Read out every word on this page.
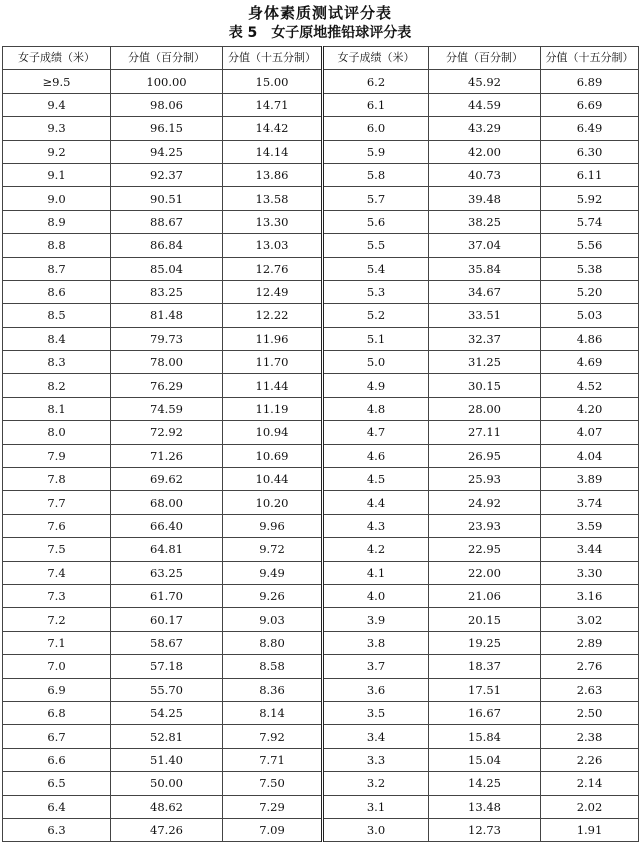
身体素质测试评分表
表 5 女子原地推铅球评分表
女子成绩（米）	分值（百分制）	分值（十五分制）	女子成绩（米）	分值（百分制）	分值（十五分制）
≥9.5	100.00	15.00	6.2	45.92	6.89
9.4	98.06	14.71	6.1	44.59	6.69
9.3	96.15	14.42	6.0	43.29	6.49
9.2	94.25	14.14	5.9	42.00	6.30
9.1	92.37	13.86	5.8	40.73	6.11
9.0	90.51	13.58	5.7	39.48	5.92
8.9	88.67	13.30	5.6	38.25	5.74
8.8	86.84	13.03	5.5	37.04	5.56
8.7	85.04	12.76	5.4	35.84	5.38
8.6	83.25	12.49	5.3	34.67	5.20
8.5	81.48	12.22	5.2	33.51	5.03
8.4	79.73	11.96	5.1	32.37	4.86
8.3	78.00	11.70	5.0	31.25	4.69
8.2	76.29	11.44	4.9	30.15	4.52
8.1	74.59	11.19	4.8	28.00	4.20
8.0	72.92	10.94	4.7	27.11	4.07
7.9	71.26	10.69	4.6	26.95	4.04
7.8	69.62	10.44	4.5	25.93	3.89
7.7	68.00	10.20	4.4	24.92	3.74
7.6	66.40	9.96	4.3	23.93	3.59
7.5	64.81	9.72	4.2	22.95	3.44
7.4	63.25	9.49	4.1	22.00	3.30
7.3	61.70	9.26	4.0	21.06	3.16
7.2	60.17	9.03	3.9	20.15	3.02
7.1	58.67	8.80	3.8	19.25	2.89
7.0	57.18	8.58	3.7	18.37	2.76
6.9	55.70	8.36	3.6	17.51	2.63
6.8	54.25	8.14	3.5	16.67	2.50
6.7	52.81	7.92	3.4	15.84	2.38
6.6	51.40	7.71	3.3	15.04	2.26
6.5	50.00	7.50	3.2	14.25	2.14
6.4	48.62	7.29	3.1	13.48	2.02
6.3	47.26	7.09	3.0	12.73	1.91
